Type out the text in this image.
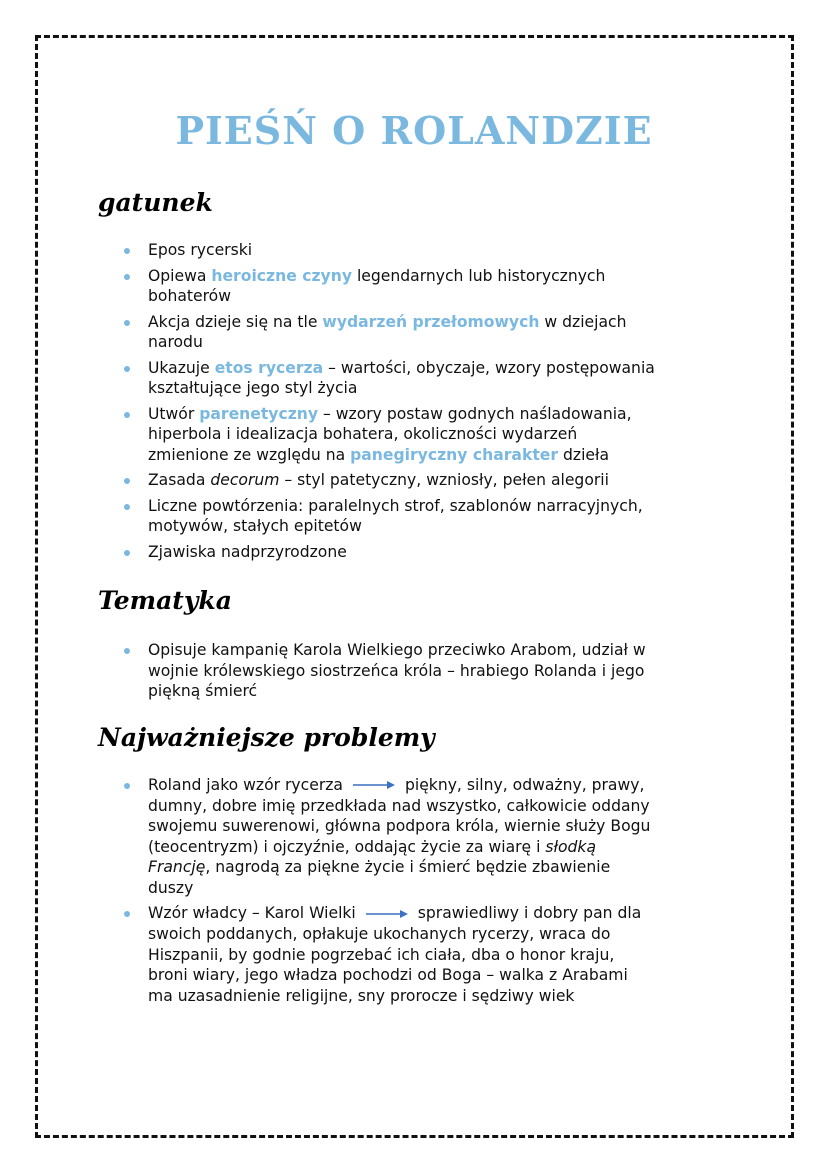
PIEŚŃ O ROLANDZIE
gatunek
Epos rycerski
Opiewa heroiczne czyny legendarnych lub historycznych
bohaterów
Akcja dzieje się na tle wydarzeń przełomowych w dziejach
narodu
Ukazuje etos rycerza – wartości, obyczaje, wzory postępowania
kształtujące jego styl życia
Utwór parenetyczny – wzory postaw godnych naśladowania,
hiperbola i idealizacja bohatera, okoliczności wydarzeń
zmienione ze względu na panegiryczny charakter dzieła
Zasada decorum – styl patetyczny, wzniosły, pełen alegorii
Liczne powtórzenia: paralelnych strof, szablonów narracyjnych,
motywów, stałych epitetów
Zjawiska nadprzyrodzone
Tematyka
Opisuje kampanię Karola Wielkiego przeciwko Arabom, udział w
wojnie królewskiego siostrzeńca króla – hrabiego Rolanda i jego
piękną śmierć
Najważniejsze problemy
Roland jako wzór rycerza	piękny, silny, odważny, prawy,
dumny, dobre imię przedkłada nad wszystko, całkowicie oddany
swojemu suwerenowi, główna podpora króla, wiernie służy Bogu
(teocentryzm) i ojczyźnie, oddając życie za wiarę i słodką
Francję, nagrodą za piękne życie i śmierć będzie zbawienie
duszy
Wzór władcy – Karol Wielki	sprawiedliwy i dobry pan dla
swoich poddanych, opłakuje ukochanych rycerzy, wraca do
Hiszpanii, by godnie pogrzebać ich ciała, dba o honor kraju,
broni wiary, jego władza pochodzi od Boga – walka z Arabami
ma uzasadnienie religijne, sny prorocze i sędziwy wiek
